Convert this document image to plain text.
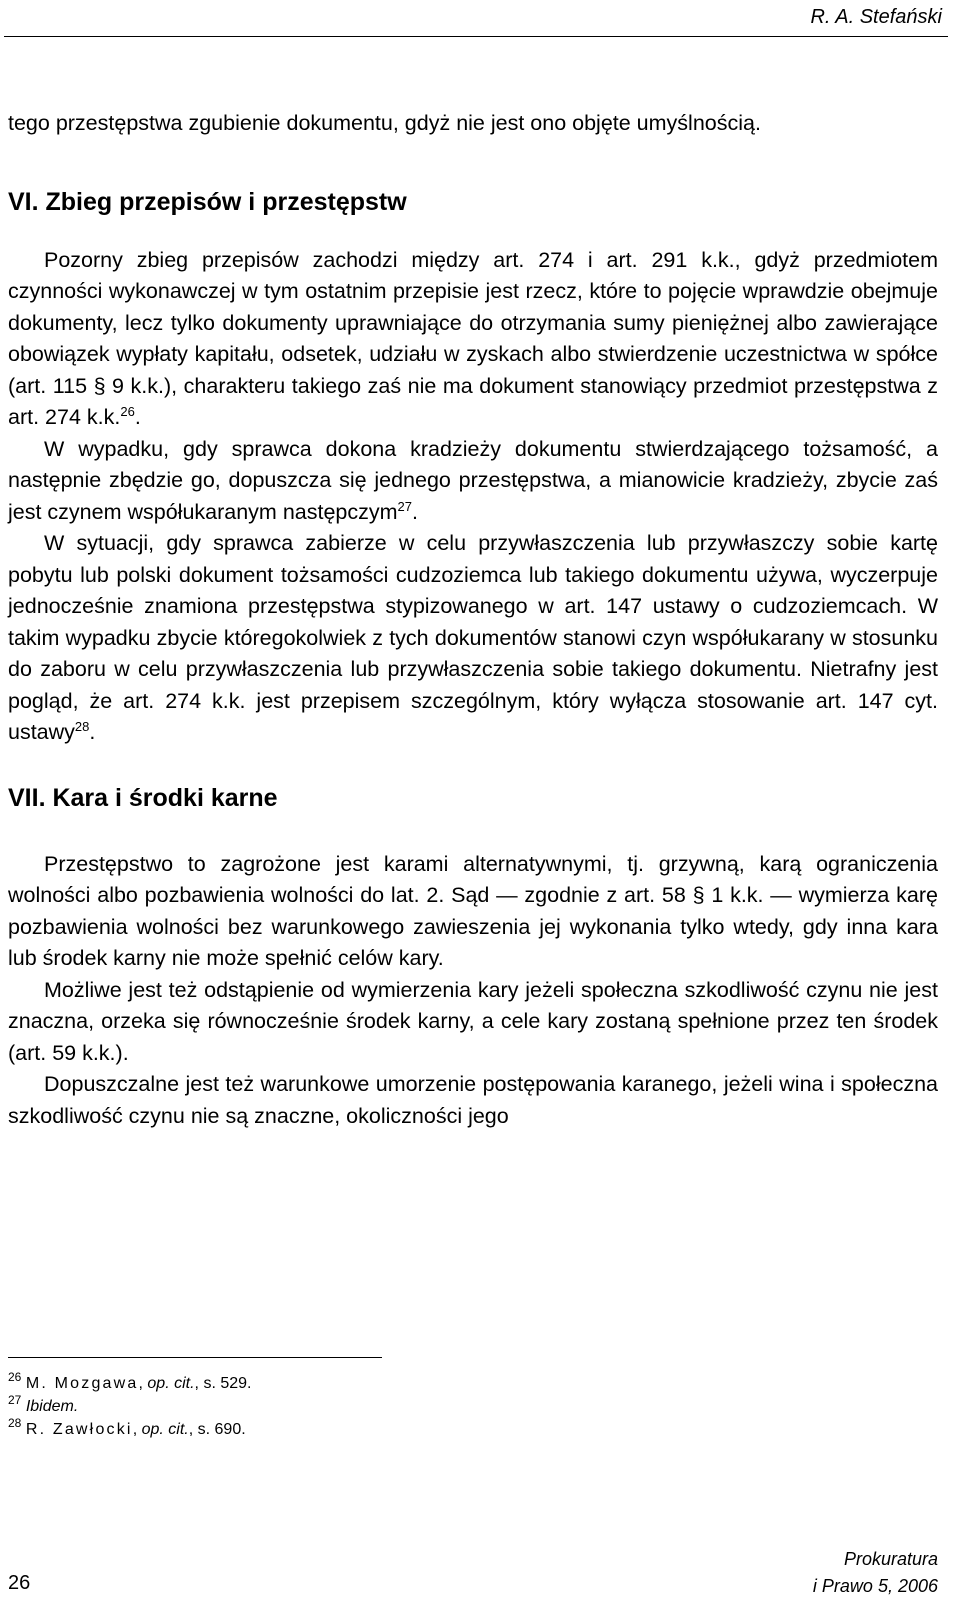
R. A. Stefański

tego przestępstwa zgubienie dokumentu, gdyż nie jest ono objęte umyślnością.

VI. Zbieg przepisów i przestępstw

Pozorny zbieg przepisów zachodzi między art. 274 i art. 291 k.k., gdyż przedmiotem czynności wykonawczej w tym ostatnim przepisie jest rzecz, które to pojęcie wprawdzie obejmuje dokumenty, lecz tylko dokumenty uprawniające do otrzymania sumy pieniężnej albo zawierające obowiązek wypłaty kapitału, odsetek, udziału w zyskach albo stwierdzenie uczestnictwa w spółce (art. 115 § 9 k.k.), charakteru takiego zaś nie ma dokument stanowiący przedmiot przestępstwa z art. 274 k.k.$^{26}$.

W wypadku, gdy sprawca dokona kradzieży dokumentu stwierdzającego tożsamość, a następnie zbędzie go, dopuszcza się jednego przestępstwa, a mianowicie kradzieży, zbycie zaś jest czynem współukaranym następczym$^{27}$.

W sytuacji, gdy sprawca zabierze w celu przywłaszczenia lub przywłaszczy sobie kartę pobytu lub polski dokument tożsamości cudzoziemca lub takiego dokumentu używa, wyczerpuje jednocześnie znamiona przestępstwa stypizowanego w art. 147 ustawy o cudzoziemcach. W takim wypadku zbycie któregokolwiek z tych dokumentów stanowi czyn współukarany w stosunku do zaboru w celu przywłaszczenia lub przywłaszczenia sobie takiego dokumentu. Nietrafny jest pogląd, że art. 274 k.k. jest przepisem szczególnym, który wyłącza stosowanie art. 147 cyt. ustawy$^{28}$.

VII. Kara i środki karne

Przestępstwo to zagrożone jest karami alternatywnymi, tj. grzywną, karą ograniczenia wolności albo pozbawienia wolności do lat. 2. Sąd — zgodnie z art. 58 § 1 k.k. — wymierza karę pozbawienia wolności bez warunkowego zawieszenia jej wykonania tylko wtedy, gdy inna kara lub środek karny nie może spełnić celów kary.

Możliwe jest też odstąpienie od wymierzenia kary jeżeli społeczna szkodliwość czynu nie jest znaczna, orzeka się równocześnie środek karny, a cele kary zostaną spełnione przez ten środek (art. 59 k.k.).

Dopuszczalne jest też warunkowe umorzenie postępowania karanego, jeżeli wina i społeczna szkodliwość czynu nie są znaczne, okoliczności jego

$^{26}$ M. Mozgawa, op. cit., s. 529.
$^{27}$ Ibidem.
$^{28}$ R. Zawłocki, op. cit., s. 690.
26
Prokuratura
i Prawo 5, 2006
